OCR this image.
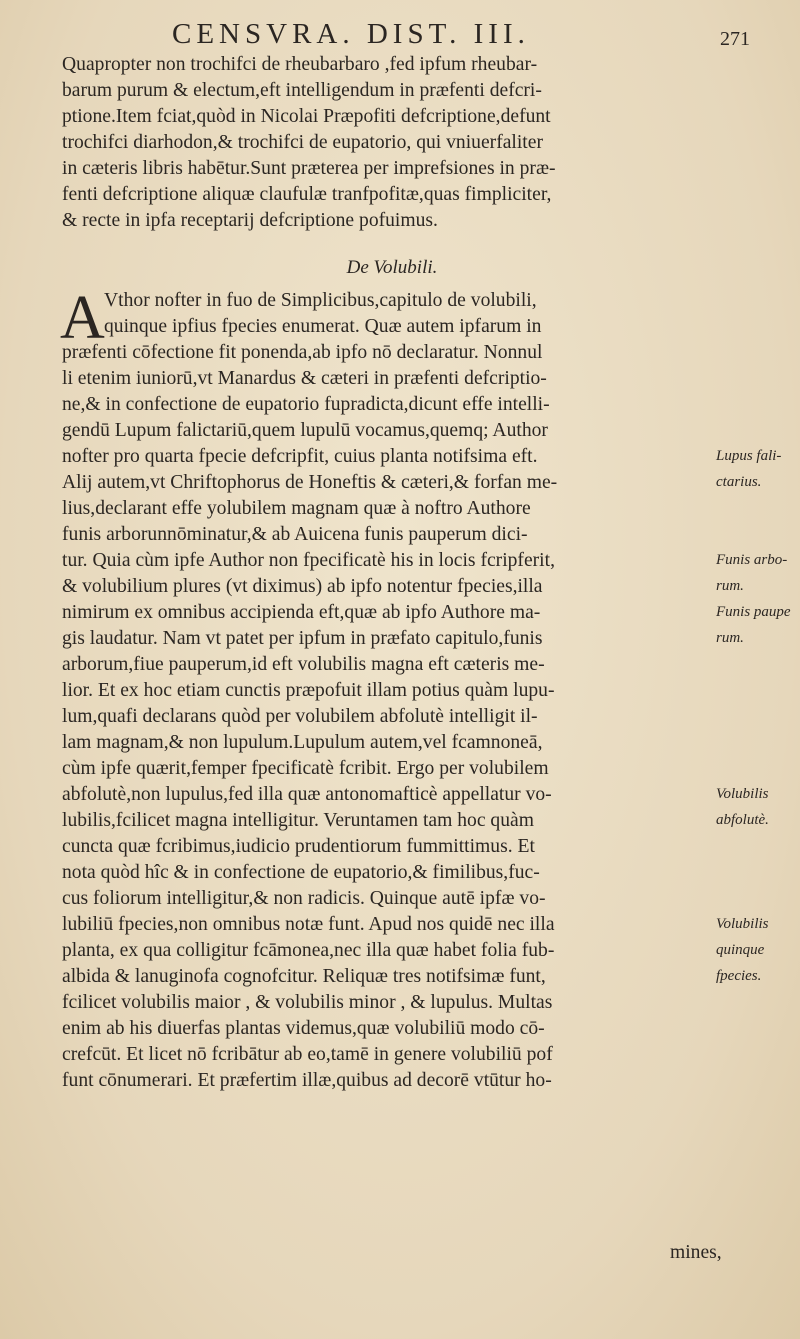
CENSVRA. DIST. III.	271
Quapropter non trochifci de rheubarbaro ,fed ipfum rheubar-
barum purum & electum,eft intelligendum in præfenti defcri-
ptione.Item fciat,quòd in Nicolai Præpofiti defcriptione,defunt
trochifci diarhodon,& trochifci de eupatorio, qui vniuerfaliter
in cæteris libris habētur.Sunt præterea per imprefsiones in præ-
fenti defcriptione aliquæ claufulæ tranfpofitæ,quas fimpliciter,
& recte in ipfa receptarij defcriptione pofuimus.
De Volubili.
A Vthor nofter in fuo de Simplicibus,capitulo de volubili,
quinque ipfius fpecies enumerat. Quæ autem ipfarum in
præfenti cōfectione fit ponenda,ab ipfo nō declaratur. Nonnul
li etenim iuniorū,vt Manardus & cæteri in præfenti defcriptio-
ne,& in confectione de eupatorio fupradicta,dicunt effe intelli-
gendū Lupum falictariū,quem lupulū vocamus,quemq; Author
nofter pro quarta fpecie defcripfit, cuius planta notifsima eft.
Alij autem,vt Chriftophorus de Honeftis & cæteri,& forfan me-
lius,declarant effe yolubilem magnam quæ à noftro Authore
funis arborunnōminatur,& ab Auicena funis pauperum dici-
tur. Quia cùm ipfe Author non fpecificatè his in locis fcripferit,
& volubilium plures (vt diximus) ab ipfo notentur fpecies,illa
nimirum ex omnibus accipienda eft,quæ ab ipfo Authore ma-
gis laudatur. Nam vt patet per ipfum in præfato capitulo,funis
arborum,fiue pauperum,id eft volubilis magna eft cæteris me-
lior. Et ex hoc etiam cunctis præpofuit illam potius quàm lupu-
lum,quafi declarans quòd per volubilem abfolutè intelligit il-
lam magnam,& non lupulum.Lupulum autem,vel fcamnoneā,
cùm ipfe quærit,femper fpecificatè fcribit. Ergo per volubilem
abfolutè,non lupulus,fed illa quæ antonomafticè appellatur vo-
lubilis,fcilicet magna intelligitur. Veruntamen tam hoc quàm
cuncta quæ fcribimus,iudicio prudentiorum fummittimus. Et
nota quòd hîc & in confectione de eupatorio,& fimilibus,fuc-
cus foliorum intelligitur,& non radicis. Quinque autē ipfæ vo-
lubiliū fpecies,non omnibus notæ funt. Apud nos quidē nec illa
planta, ex qua colligitur fcāmonea,nec illa quæ habet folia fub-
albida & lanuginofa cognofcitur. Reliquæ tres notifsimæ funt,
fcilicet volubilis maior , & volubilis minor , & lupulus. Multas
enim ab his diuerfas plantas videmus,quæ volubiliū modo cō-
crefcūt. Et licet nō fcribātur ab eo,tamē in genere volubiliū pof
funt cōnumerari. Et præfertim illæ,quibus ad decorē vtūtur ho-
Lupus fali-
ctarius.
Funis arbo-
rum.
Funis paupe
rum.
Volubilis
abfolutè.
Volubilis
quinque
fpecies.
mines,
